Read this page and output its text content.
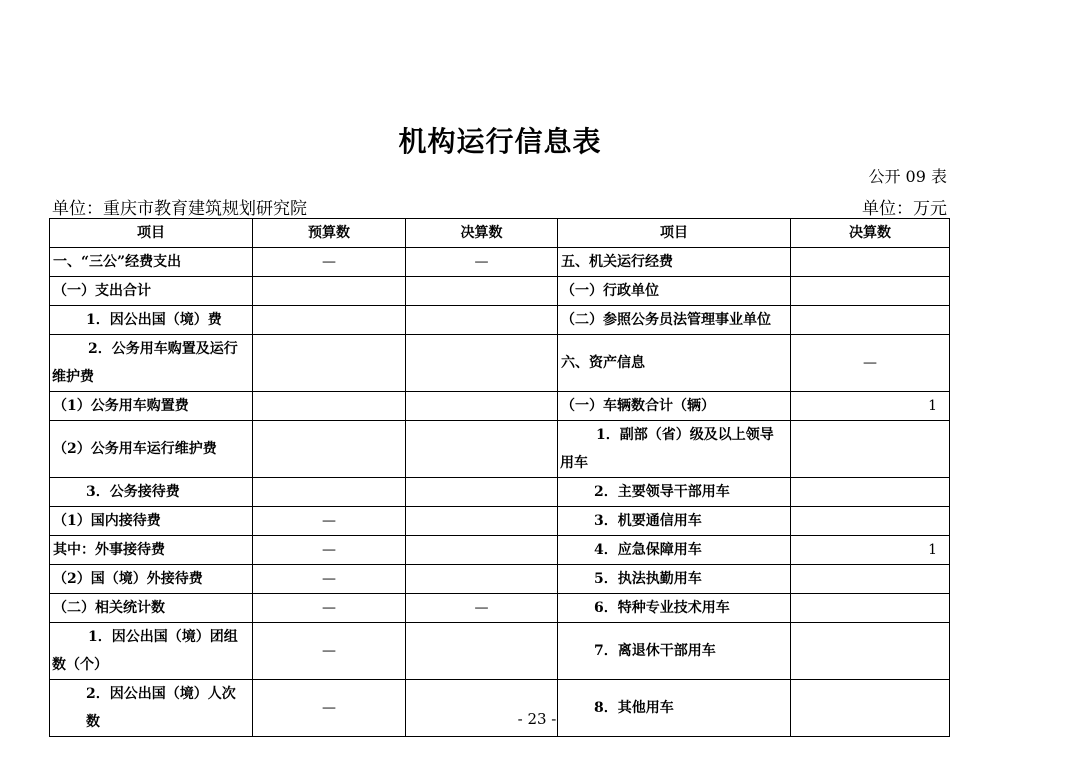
机构运行信息表
公开 09 表
单位：重庆市教育建筑规划研究院	单位：万元
项目	预算数	决算数	项目	决算数
一、“三公”经费支出	—	—	五、机关运行经费	
（一）支出合计			（一）行政单位	
1．因公出国（境）费			（二）参照公务员法管理事业单位	
2．公务用车购置及运行维护费			六、资产信息	—
（1）公务用车购置费			（一）车辆数合计（辆）	1
（2）公务用车运行维护费			1．副部（省）级及以上领导用车	
3．公务接待费			2．主要领导干部用车	
（1）国内接待费	—		3．机要通信用车	
其中：外事接待费	—		4．应急保障用车	1
（2）国（境）外接待费	—		5．执法执勤用车	
（二）相关统计数	—	—	6．特种专业技术用车	
1．因公出国（境）团组数（个）	—		7．离退休干部用车	
2．因公出国（境）人次数	—		8．其他用车	
- 23 -
